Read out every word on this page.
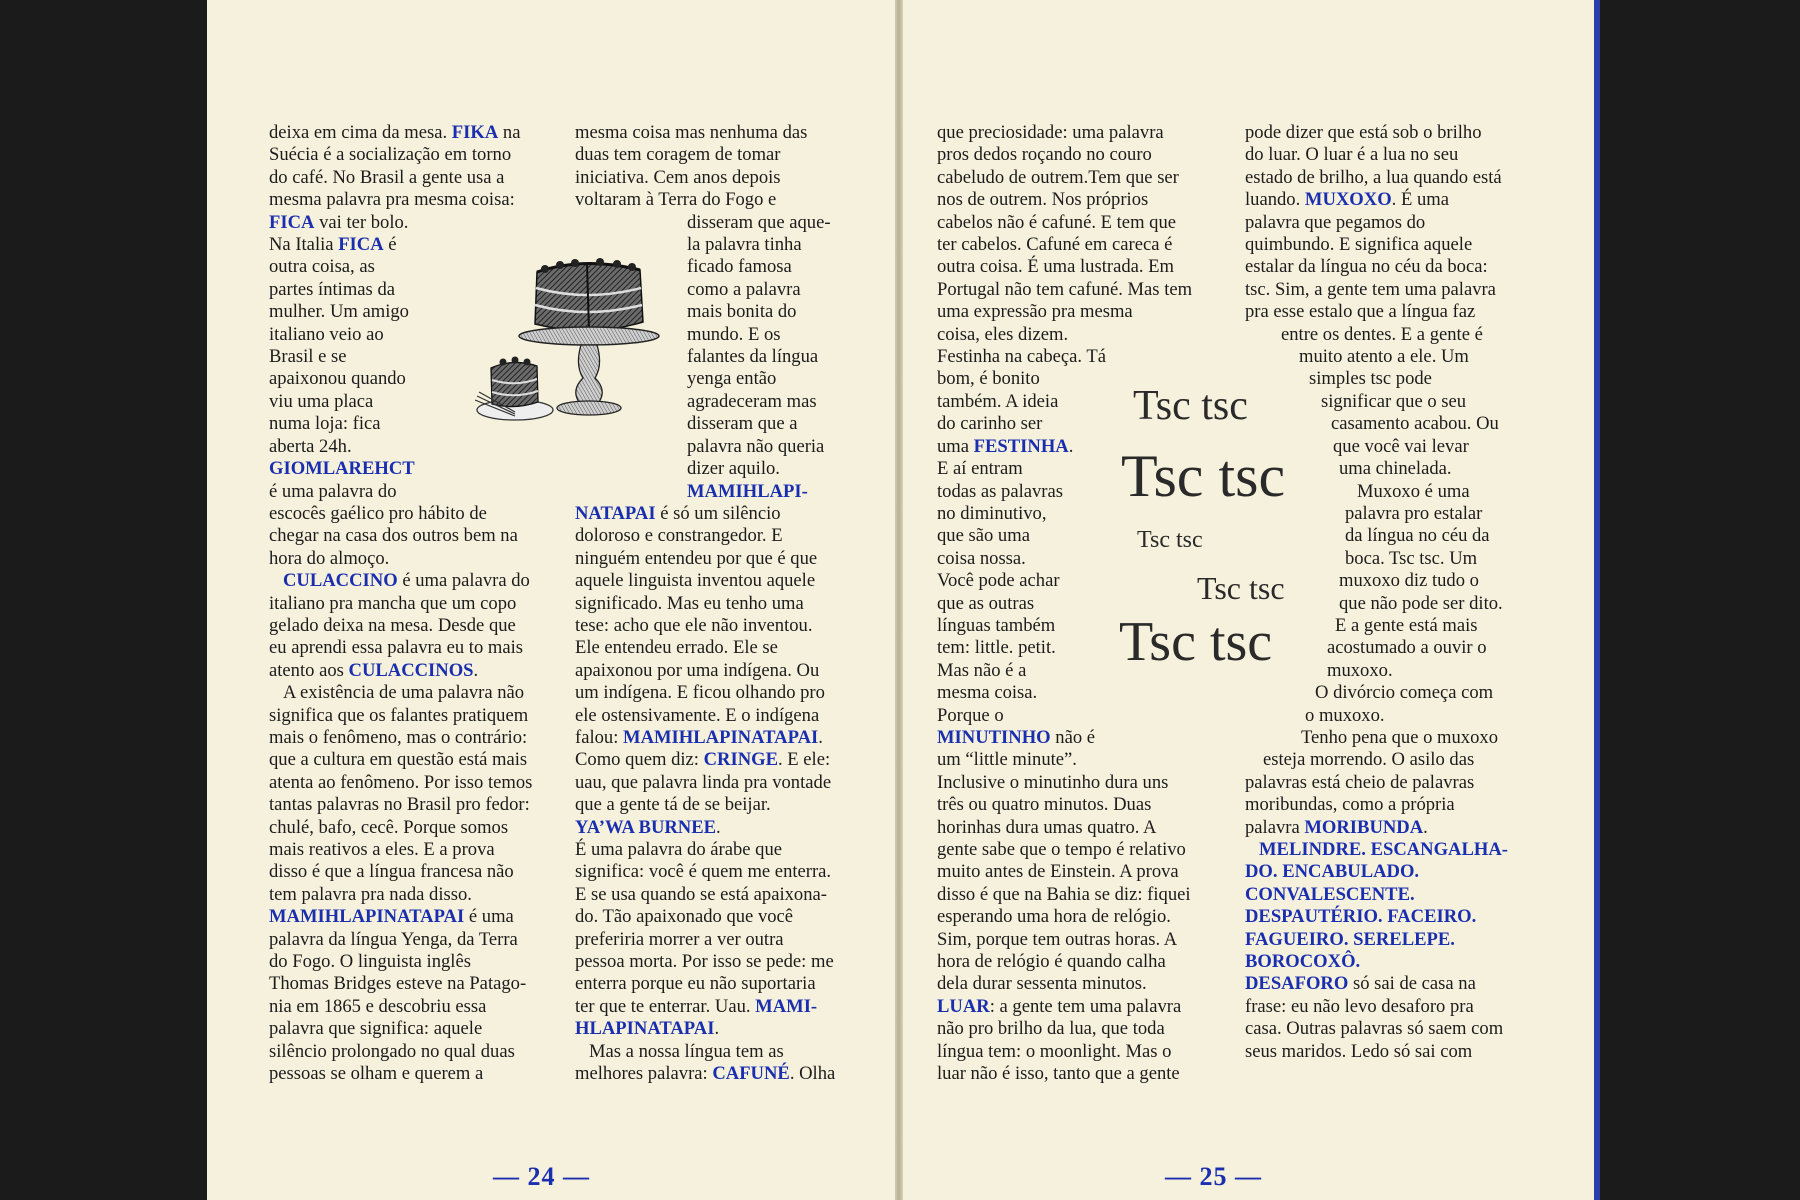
deixa em cima da mesa. FIKA na

Suécia é a socialização em torno

do café. No Brasil a gente usa a

mesma palavra pra mesma coisa:

FICA vai ter bolo.

Na Italia FICA é

outra coisa, as

partes íntimas da

mulher. Um amigo

italiano veio ao

Brasil e se

apaixonou quando

viu uma placa

numa loja: fica

aberta 24h.

GIOMLAREHCT

é uma palavra do

escocês gaélico pro hábito de

chegar na casa dos outros bem na

hora do almoço.

CULACCINO é uma palavra do

italiano pra mancha que um copo

gelado deixa na mesa. Desde que

eu aprendi essa palavra eu to mais

atento aos CULACCINOS.

A existência de uma palavra não

significa que os falantes pratiquem

mais o fenômeno, mas o contrário:

que a cultura em questão está mais

atenta ao fenômeno. Por isso temos

tantas palavras no Brasil pro fedor:

chulé, bafo, cecê. Porque somos

mais reativos a eles. E a prova

disso é que a língua francesa não

tem palavra pra nada disso.

MAMIHLAPINATAPAI é uma

palavra da língua Yenga, da Terra

do Fogo. O linguista inglês

Thomas Bridges esteve na Patago-

nia em 1865 e descobriu essa

palavra que significa: aquele

silêncio prolongado no qual duas

pessoas se olham e querem a

mesma coisa mas nenhuma das

duas tem coragem de tomar

iniciativa. Cem anos depois

voltaram à Terra do Fogo e

disseram que aque-

la palavra tinha

ficado famosa

como a palavra

mais bonita do

mundo. E os

falantes da língua

yenga então

agradeceram mas

disseram que a

palavra não queria

dizer aquilo.

MAMIHLAPI-

NATAPAI é só um silêncio

doloroso e constrangedor. E

ninguém entendeu por que é que

aquele linguista inventou aquele

significado. Mas eu tenho uma

tese: acho que ele não inventou.

Ele entendeu errado. Ele se

apaixonou por uma indígena. Ou

um indígena. E ficou olhando pro

ele ostensivamente. E o indígena

falou: MAMIHLAPINATAPAI.

Como quem diz: CRINGE. E ele:

uau, que palavra linda pra vontade

que a gente tá de se beijar.

YA’WA BURNEE.

É uma palavra do árabe que

significa: você é quem me enterra.

E se usa quando se está apaixona-

do. Tão apaixonado que você

preferiria morrer a ver outra

pessoa morta. Por isso se pede: me

enterra porque eu não suportaria

ter que te enterrar. Uau. MAMI-

HLAPINATAPAI.

Mas a nossa língua tem as

melhores palavra: CAFUNÉ. Olha

— 24 —

que preciosidade: uma palavra

pros dedos roçando no couro

cabeludo de outrem.Tem que ser

nos de outrem. Nos próprios

cabelos não é cafuné. E tem que

ter cabelos. Cafuné em careca é

outra coisa. É uma lustrada. Em

Portugal não tem cafuné. Mas tem

uma expressão pra mesma

coisa, eles dizem.

Festinha na cabeça. Tá

bom, é bonito

também. A ideia

do carinho ser

uma FESTINHA.

E aí entram

todas as palavras

no diminutivo,

que são uma

coisa nossa.

Você pode achar

que as outras

línguas também

tem: little. petit.

Mas não é a

mesma coisa.

Porque o

MINUTINHO não é

um “little minute”.

Inclusive o minutinho dura uns

três ou quatro minutos. Duas

horinhas dura umas quatro. A

gente sabe que o tempo é relativo

muito antes de Einstein. A prova

disso é que na Bahia se diz: fiquei

esperando uma hora de relógio.

Sim, porque tem outras horas. A

hora de relógio é quando calha

dela durar sessenta minutos.

LUAR: a gente tem uma palavra

não pro brilho da lua, que toda

língua tem: o moonlight. Mas o

luar não é isso, tanto que a gente

pode dizer que está sob o brilho

do luar. O luar é a lua no seu

estado de brilho, a lua quando está

luando. MUXOXO. É uma

palavra que pegamos do

quimbundo. E significa aquele

estalar da língua no céu da boca:

tsc. Sim, a gente tem uma palavra

pra esse estalo que a língua faz

entre os dentes. E a gente é

muito atento a ele. Um

simples tsc pode

significar que o seu

casamento acabou. Ou

que você vai levar

uma chinelada.

Muxoxo é uma

palavra pro estalar

da língua no céu da

boca. Tsc tsc. Um

muxoxo diz tudo o

que não pode ser dito.

E a gente está mais

acostumado a ouvir o

muxoxo.

O divórcio começa com

o muxoxo.

Tenho pena que o muxoxo

esteja morrendo. O asilo das

palavras está cheio de palavras

moribundas, como a própria

palavra MORIBUNDA.

MELINDRE. ESCANGALHA-

DO. ENCABULADO.

CONVALESCENTE.

DESPAUTÉRIO. FACEIRO.

FAGUEIRO. SERELEPE.

BOROCOXÔ.

DESAFORO só sai de casa na

frase: eu não levo desaforo pra

casa. Outras palavras só saem com

seus maridos. Ledo só sai com

Tsc tsc
Tsc tsc
Tsc tsc
Tsc tsc
Tsc tsc
— 25 —
